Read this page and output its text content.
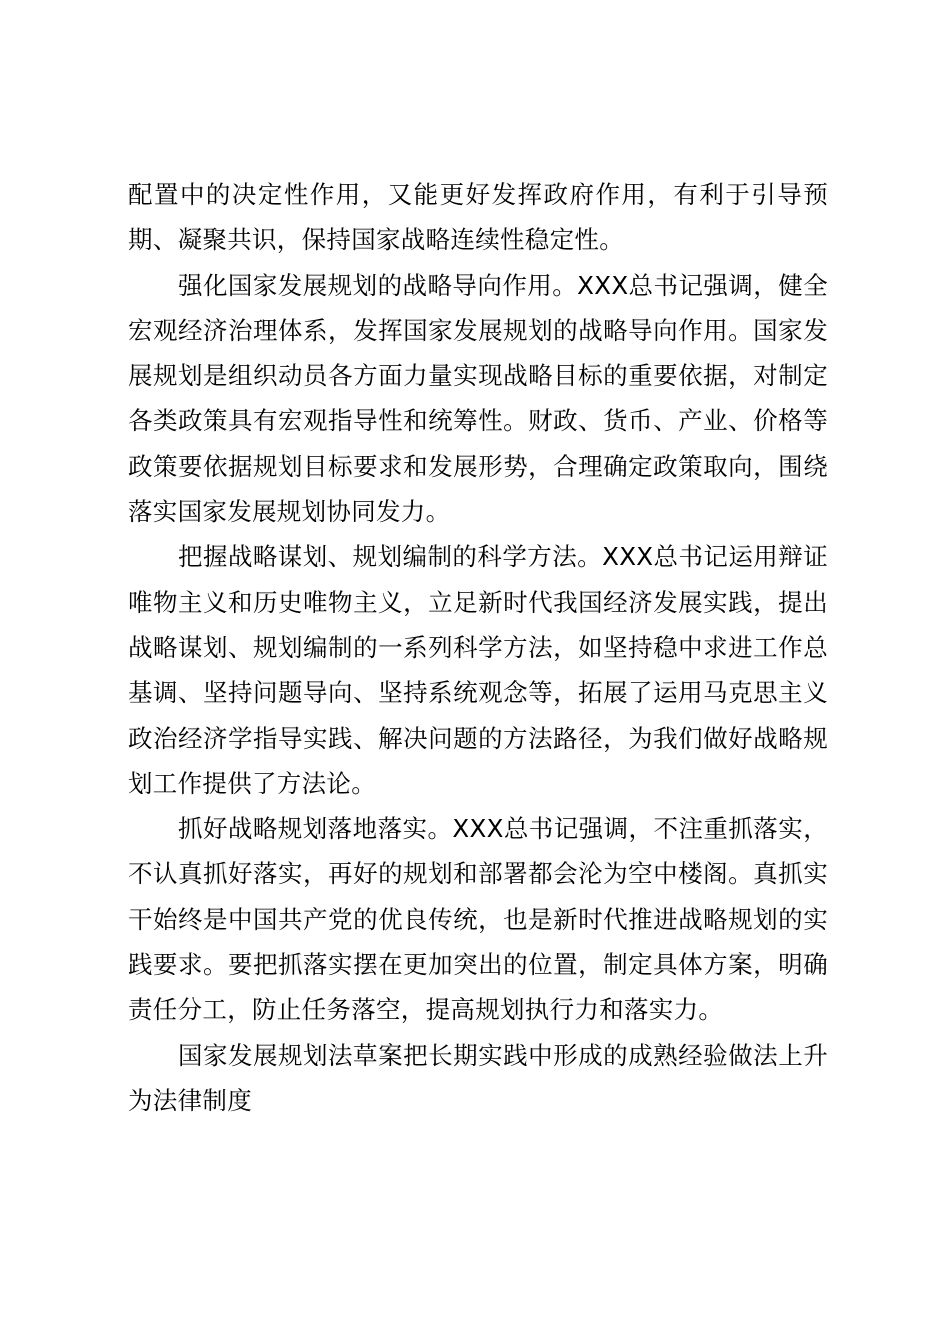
配置中的决定性作用，又能更好发挥政府作用，有利于引导预期、凝聚共识，保持国家战略连续性稳定性。

强化国家发展规划的战略导向作用。XXX总书记强调，健全宏观经济治理体系，发挥国家发展规划的战略导向作用。国家发展规划是组织动员各方面力量实现战略目标的重要依据，对制定各类政策具有宏观指导性和统筹性。财政、货币、产业、价格等政策要依据规划目标要求和发展形势，合理确定政策取向，围绕落实国家发展规划协同发力。

把握战略谋划、规划编制的科学方法。XXX总书记运用辩证唯物主义和历史唯物主义，立足新时代我国经济发展实践，提出战略谋划、规划编制的一系列科学方法，如坚持稳中求进工作总基调、坚持问题导向、坚持系统观念等，拓展了运用马克思主义政治经济学指导实践、解决问题的方法路径，为我们做好战略规划工作提供了方法论。

抓好战略规划落地落实。XXX总书记强调，不注重抓落实，不认真抓好落实，再好的规划和部署都会沦为空中楼阁。真抓实干始终是中国共产党的优良传统，也是新时代推进战略规划的实践要求。要把抓落实摆在更加突出的位置，制定具体方案，明确责任分工，防止任务落空，提高规划执行力和落实力。

国家发展规划法草案把长期实践中形成的成熟经验做法上升为法律制度
